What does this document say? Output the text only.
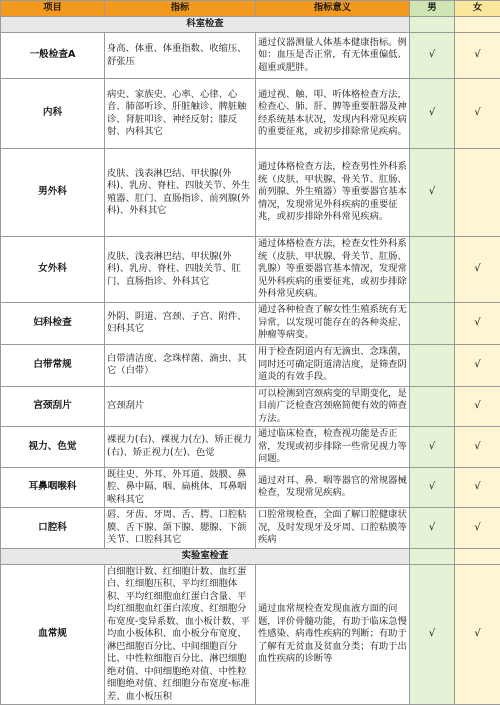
项目	指标	指标意义	男	女
科室检查				
一般检查A	身高、体重、体重指数、收缩压、舒张压	通过仪器测量人体基本健康指标。例如：血压是否正常，有无体重偏低、超重或肥胖。	√	√
内科	病史、家族史、心率、心律、心音、肺部听诊、肝脏触诊、脾脏触诊、肾脏叩诊、神经反射；膝反射、内科其它	通过视、触、叩、听体格检查方法，检查心、肺、肝、脾等重要脏器及神经系统基本状况，发现内科常见疾病的重要征兆，或初步排除常见疾病。	√	√
男外科	皮肤、浅表淋巴结、甲状腺(外科)、乳房、脊柱、四肢关节、外生殖器、肛门、直肠指诊、前列腺(外科)、外科其它	通过体格检查方法，检查男性外科系统（皮肤、甲状腺、骨关节、肛肠、前列腺、外生殖器）等重要器官基本情况，发现常见外科疾病的重要征兆，或初步排除外科常见疾病。	√	
女外科	皮肤、浅表淋巴结、甲状腺(外科)、乳房、脊柱、四肢关节、肛门、直肠指诊、外科其它	通过体格检查方法，检查女性外科系统（皮肤、甲状腺、骨关节、肛肠、乳腺）等重要器官基本情况，发现常见外科疾病的重要征兆，或初步排除外科常见疾病。		√
妇科检查	外阴、阴道、宫颈、子宫、附件、妇科其它	通过各种检查了解女性生殖系统有无异常，以发现可能存在的各种炎症、肿瘤等病变。		√
白带常规	白带清洁度、念珠样菌、滴虫、其它（白带）	用于检查阴道内有无滴虫、念珠菌，同时还可确定阴道清洁度，是筛查阴道炎的有效手段。		√
宫颈刮片	宫颈刮片	可以检测到宫颈病变的早期变化，是目前广泛检查宫颈癌简便有效的筛查方法。		√
视力、色觉	裸视力(右)、裸视力(左)、矫正视力(右)、矫正视力(左)、色觉	通过临床检查，检查视功能是否正常，发现或初步排除一些常见视力等问题。	√	√
耳鼻咽喉科	既往史、外耳、外耳道、鼓膜、鼻腔、鼻中隔、咽、扁桃体、耳鼻咽喉科其它	通过对耳、鼻、咽等器官的常规器械检查，发现常见疾病。	√	√
口腔科	唇、牙齿、牙周、舌、腭、口腔粘膜、舌下腺、颌下腺、腮腺、下颌关节、口腔科其它	口腔常规检查，全面了解口腔健康状况，及时发现牙及牙周、口腔粘膜等疾病	√	√
实验室检查				
血常规	白细胞计数、红细胞计数、血红蛋白、红细胞压积、平均红细胞体积、平均红细胞血红蛋白含量、平均红细胞血红蛋白浓度、红细胞分布宽度-变异系数、血小板计数、平均血小板体积、血小板分布宽度、淋巴细胞百分比、中间细胞百分比、中性粒细胞百分比、淋巴细胞绝对值、中间细胞绝对值、中性粒细胞绝对值、红细胞分布宽度-标准差、血小板压积	通过血常规检查发现血液方面的问题，评价骨髓功能，有助于临床急慢性感染、病毒性疾病的判断；有助于了解有无贫血及贫血分类；有助于出血性疾病的诊断等	√	√
